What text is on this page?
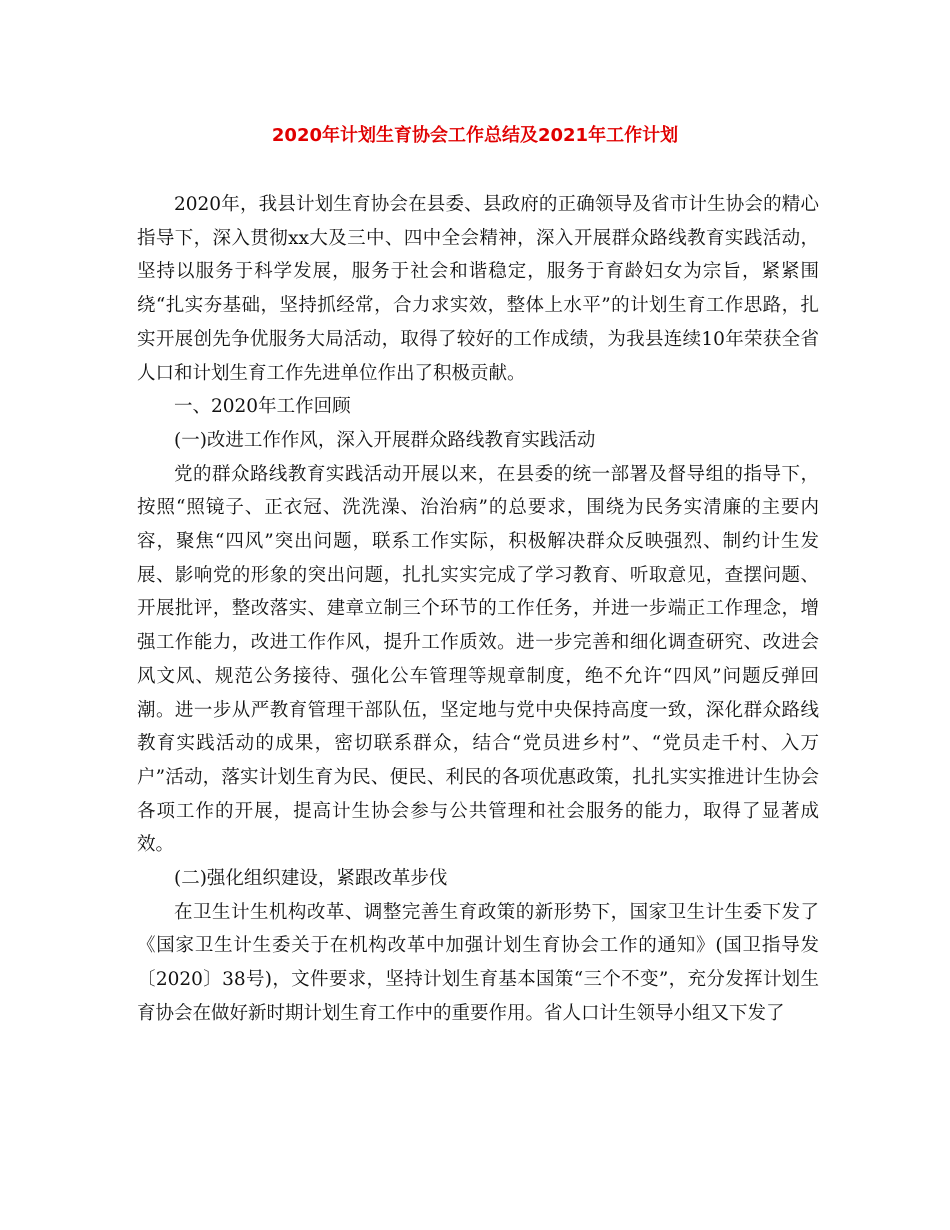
2020年计划生育协会工作总结及2021年工作计划

2020年，我县计划生育协会在县委、县政府的正确领导及省市计生协会的精心指导下，深入贯彻xx大及三中、四中全会精神，深入开展群众路线教育实践活动，坚持以服务于科学发展，服务于社会和谐稳定，服务于育龄妇女为宗旨，紧紧围绕“扎实夯基础，坚持抓经常，合力求实效，整体上水平”的计划生育工作思路，扎实开展创先争优服务大局活动，取得了较好的工作成绩，为我县连续10年荣获全省人口和计划生育工作先进单位作出了积极贡献。

一、2020年工作回顾

(一)改进工作作风，深入开展群众路线教育实践活动

党的群众路线教育实践活动开展以来，在县委的统一部署及督导组的指导下，按照“照镜子、正衣冠、洗洗澡、治治病”的总要求，围绕为民务实清廉的主要内容，聚焦“四风”突出问题，联系工作实际，积极解决群众反映强烈、制约计生发展、影响党的形象的突出问题，扎扎实实完成了学习教育、听取意见，查摆问题、开展批评，整改落实、建章立制三个环节的工作任务，并进一步端正工作理念，增强工作能力，改进工作作风，提升工作质效。进一步完善和细化调查研究、改进会风文风、规范公务接待、强化公车管理等规章制度，绝不允许“四风”问题反弹回潮。进一步从严教育管理干部队伍，坚定地与党中央保持高度一致，深化群众路线教育实践活动的成果，密切联系群众，结合“党员进乡村”、“党员走千村、入万户”活动，落实计划生育为民、便民、利民的各项优惠政策，扎扎实实推进计生协会各项工作的开展，提高计生协会参与公共管理和社会服务的能力，取得了显著成效。

(二)强化组织建设，紧跟改革步伐

在卫生计生机构改革、调整完善生育政策的新形势下，国家卫生计生委下发了《国家卫生计生委关于在机构改革中加强计划生育协会工作的通知》(国卫指导发〔2020〕38号)，文件要求，坚持计划生育基本国策“三个不变”，充分发挥计划生育协会在做好新时期计划生育工作中的重要作用。省人口计生领导小组又下发了
